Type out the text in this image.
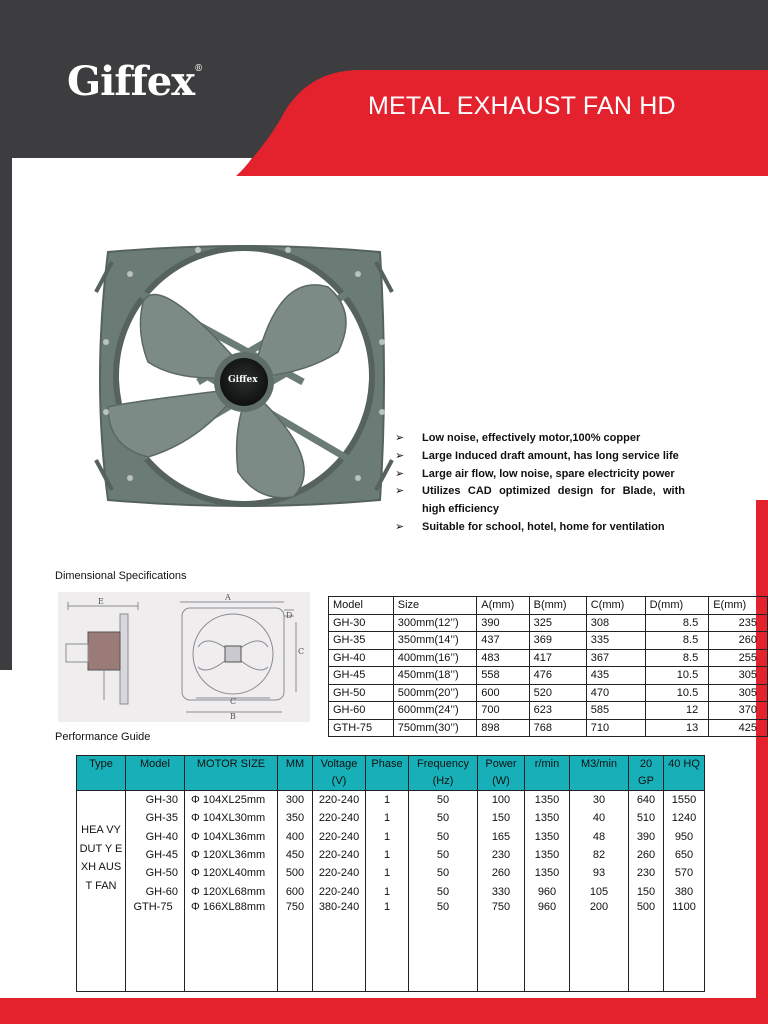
Giffex®
METAL EXHAUST FAN HD
Giffex
➢ Low noise, effectively motor,100% copper
➢ Large Induced draft amount, has long service life
➢ Large air flow, low noise, spare electricity power
➢ Utilizes CAD optimized design for Blade, with high efficiency
➢ Suitable for school, hotel, home for ventilation
Dimensional Specifications
E	A
C
B
C
D
Model	Size	A(mm)	B(mm)	C(mm)	D(mm)	E(mm)
GH-30	300mm(12’’)	390	325	308	8.5	235
GH-35	350mm(14’’)	437	369	335	8.5	260
GH-40	400mm(16’’)	483	417	367	8.5	255
GH-45	450mm(18’’)	558	476	435	10.5	305
GH-50	500mm(20’’)	600	520	470	10.5	305
GH-60	600mm(24’’)	700	623	585	12	370
GTH-75	750mm(30’’)	898	768	710	13	425
Performance Guide
Type	Model	MOTOR SIZE	MM	Voltage (V)	Phase	Frequency (Hz)	Power (W)	r/min	M3/min	20 GP	40 HQ
HEA VY DUT Y EXH AUS T FAN	GH-30	Φ 104XL25mm	300	220-240	1	50	100	1350	30	640	1550
	GH-35	Φ 104XL30mm	350	220-240	1	50	150	1350	40	510	1240
	GH-40	Φ 104XL36mm	400	220-240	1	50	165	1350	48	390	950
	GH-45	Φ 120XL36mm	450	220-240	1	50	230	1350	82	260	650
	GH-50	Φ 120XL40mm	500	220-240	1	50	260	1350	93	230	570
	GH-60	Φ 120XL68mm	600	220-240	1	50	330	960	105	150	380
	GTH-75	Φ 166XL88mm	750	380-240	1	50	750	960	200	500	1100
